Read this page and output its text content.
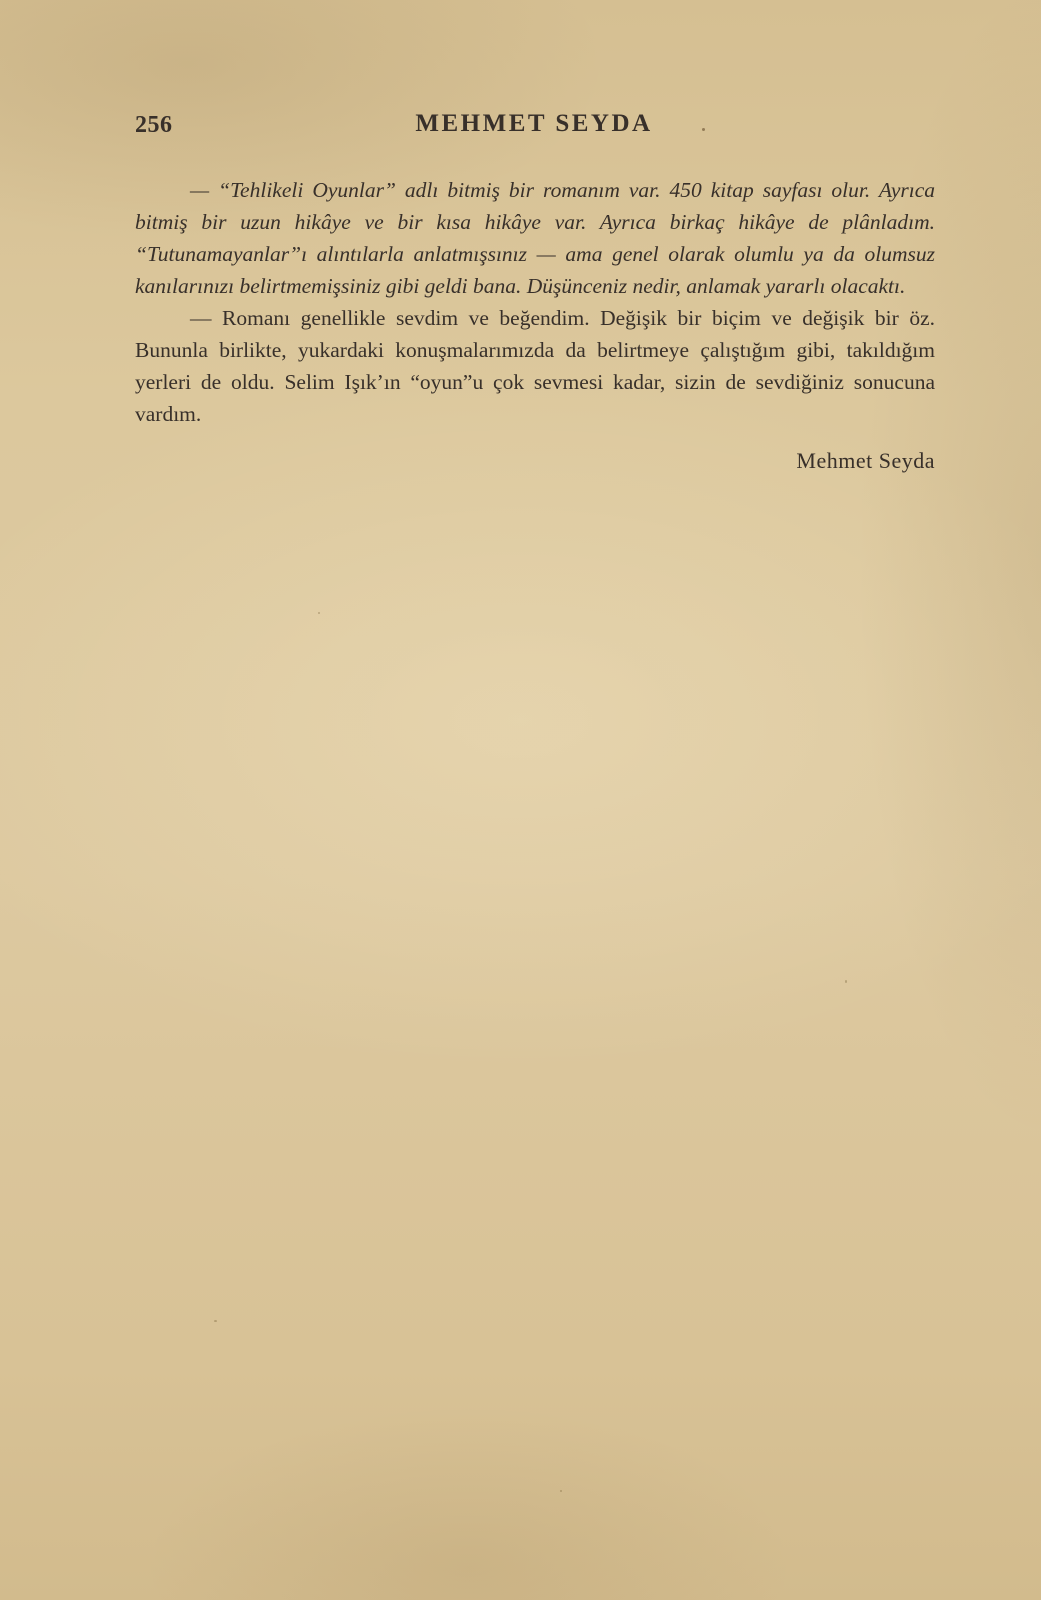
256	MEHMET SEYDA

— “Tehlikeli Oyunlar” adlı bitmiş bir romanım var. 450 kitap sayfası olur. Ayrıca bitmiş bir uzun hikâye ve bir kısa hikâye var. Ayrıca birkaç hikâye de plânladım. “Tutunamayanlar”ı alıntılarla anlatmışsınız — ama genel olarak olumlu ya da olumsuz kanılarınızı belirtmemişsiniz gibi geldi bana. Düşünceniz nedir, anlamak yararlı olacaktı.

— Romanı genellikle sevdim ve beğendim. Değişik bir biçim ve değişik bir öz. Bununla birlikte, yukardaki konuşmalarımızda da belirtmeye çalıştığım gibi, takıldığım yerleri de oldu. Selim Işık’ın “oyun”u çok sevmesi kadar, sizin de sevdiğiniz sonucuna vardım.

Mehmet Seyda
